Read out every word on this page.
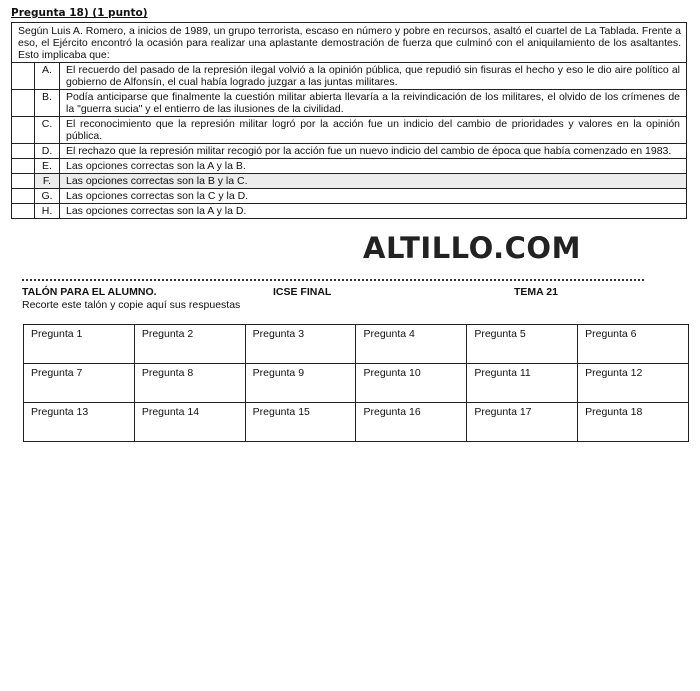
Pregunta 18) (1 punto)
Según Luis A. Romero, a inicios de 1989, un grupo terrorista, escaso en número y pobre en recursos, asaltó el cuartel de La Tablada. Frente a eso, el Ejército encontró la ocasión para realizar una aplastante demostración de fuerza que culminó con el aniquilamiento de los asaltantes. Esto implicaba que:		
	A.	El recuerdo del pasado de la represión ilegal volvió a la opinión pública, que repudió sin fisuras el hecho y eso le dio aire político al gobierno de Alfonsín, el cual había logrado juzgar a las juntas militares.
	B.	Podía anticiparse que finalmente la cuestión militar abierta llevaría a la reivindicación de los militares, el olvido de los crímenes de la "guerra sucia" y el entierro de las ilusiones de la civilidad.
	C.	El reconocimiento que la represión militar logró por la acción fue un indicio del cambio de prioridades y valores en la opinión pública.
	D.	El rechazo que la represión militar recogió por la acción fue un nuevo indicio del cambio de época que había comenzado en 1983.
	E.	Las opciones correctas son la A y la B.
	F.	Las opciones correctas son la B y la C.
	G.	Las opciones correctas son la C y la D.
	H.	Las opciones correctas son la A y la D.
ALTILLO.COM
TALÓN PARA EL ALUMNO.	ICSE FINAL	TEMA 21
Recorte este talón y copie aquí sus respuestas
Pregunta 1	Pregunta 2	Pregunta 3	Pregunta 4	Pregunta 5	Pregunta 6
Pregunta 7	Pregunta 8	Pregunta 9	Pregunta 10	Pregunta 11	Pregunta 12
Pregunta 13	Pregunta 14	Pregunta 15	Pregunta 16	Pregunta 17	Pregunta 18
